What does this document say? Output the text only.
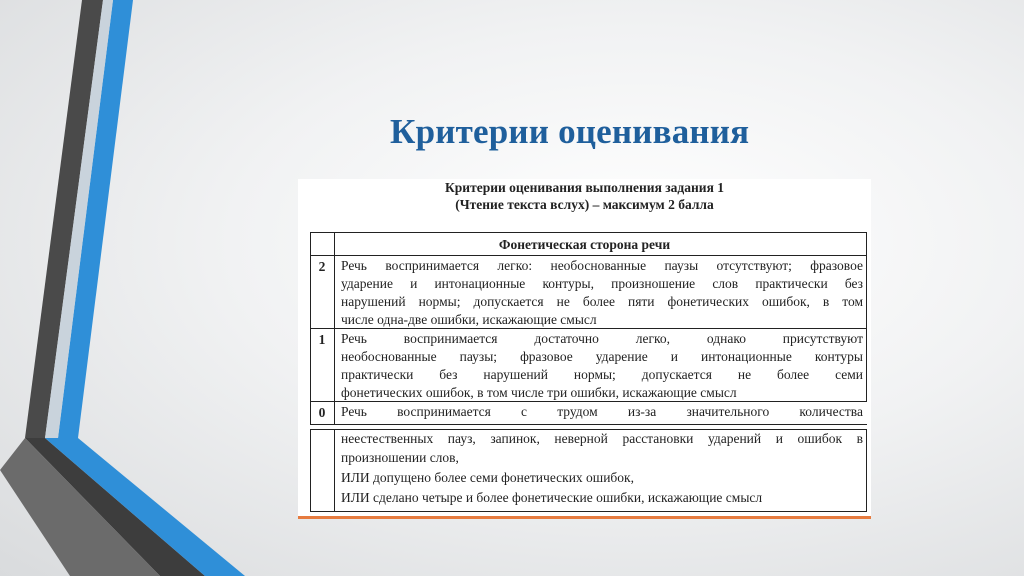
Критерии оценивания
Критерии оценивания выполнения задания 1
(Чтение текста вслух) – максимум 2 балла
Фонетическая сторона речи
2	Речь воспринимается легко: необоснованные паузы отсутствуют; фразовое
ударение и интонационные контуры, произношение слов практически без
нарушений нормы; допускается не более пяти фонетических ошибок, в том
числе одна-две ошибки, искажающие смысл
1	Речь воспринимается достаточно легко, однако присутствуют
необоснованные паузы; фразовое ударение и интонационные контуры
практически без нарушений нормы; допускается не более семи
фонетических ошибок, в том числе три ошибки, искажающие смысл
0	Речь воспринимается с трудом из-за значительного количества
неестественных пауз, запинок, неверной расстановки ударений и ошибок в
произношении слов,
ИЛИ допущено более семи фонетических ошибок,
ИЛИ сделано четыре и более фонетические ошибки, искажающие смысл
